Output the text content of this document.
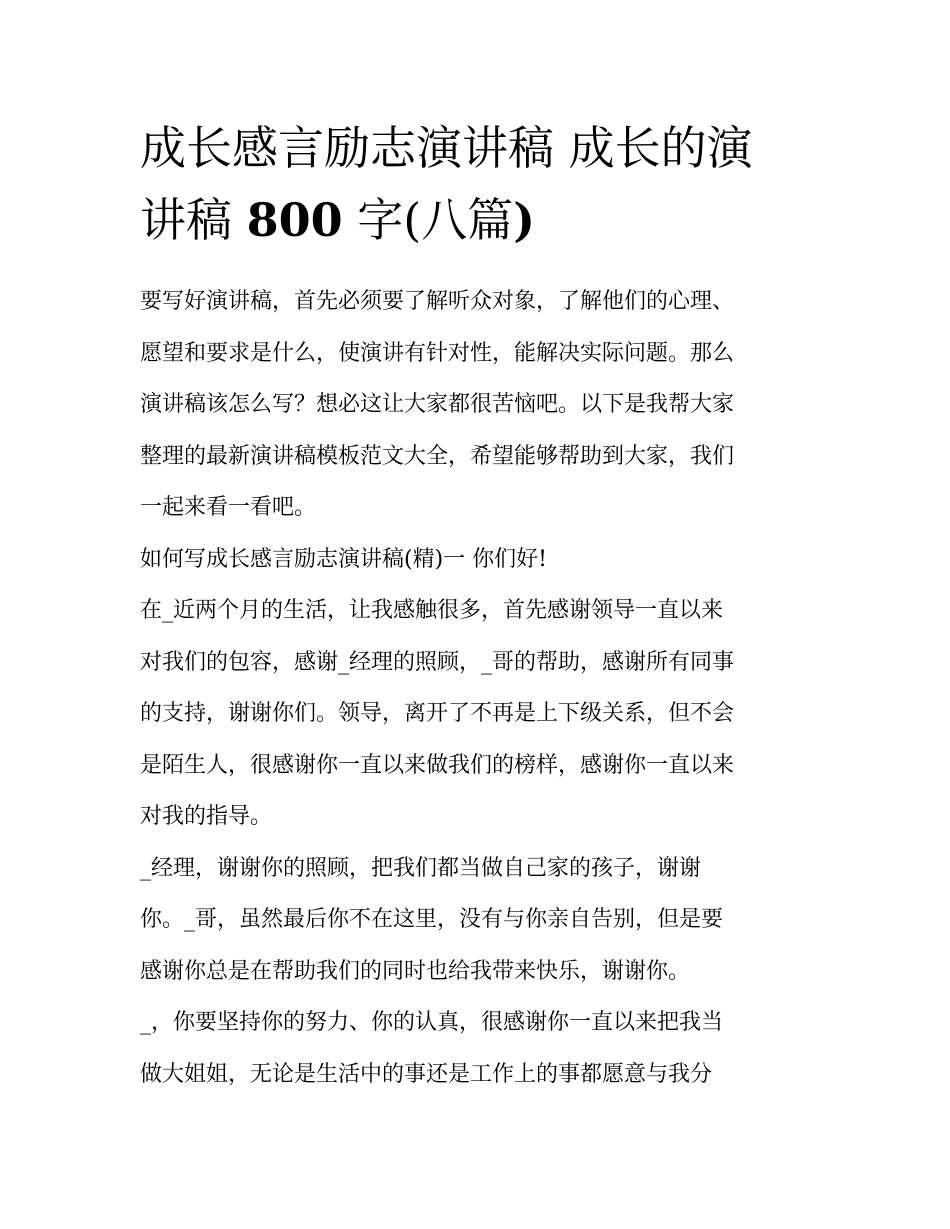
成长感言励志演讲稿 成长的演
讲稿 800 字(八篇)
要写好演讲稿，首先必须要了解听众对象，了解他们的心理、
愿望和要求是什么，使演讲有针对性，能解决实际问题。那么
演讲稿该怎么写？想必这让大家都很苦恼吧。以下是我帮大家
整理的最新演讲稿模板范文大全，希望能够帮助到大家，我们
一起来看一看吧。
如何写成长感言励志演讲稿(精)一 你们好!
在_近两个月的生活，让我感触很多，首先感谢领导一直以来
对我们的包容，感谢_经理的照顾，_哥的帮助，感谢所有同事
的支持，谢谢你们。领导，离开了不再是上下级关系，但不会
是陌生人，很感谢你一直以来做我们的榜样，感谢你一直以来
对我的指导。
_经理，谢谢你的照顾，把我们都当做自己家的孩子，谢谢
你。_哥，虽然最后你不在这里，没有与你亲自告别，但是要
感谢你总是在帮助我们的同时也给我带来快乐，谢谢你。
_，你要坚持你的努力、你的认真，很感谢你一直以来把我当
做大姐姐，无论是生活中的事还是工作上的事都愿意与我分
